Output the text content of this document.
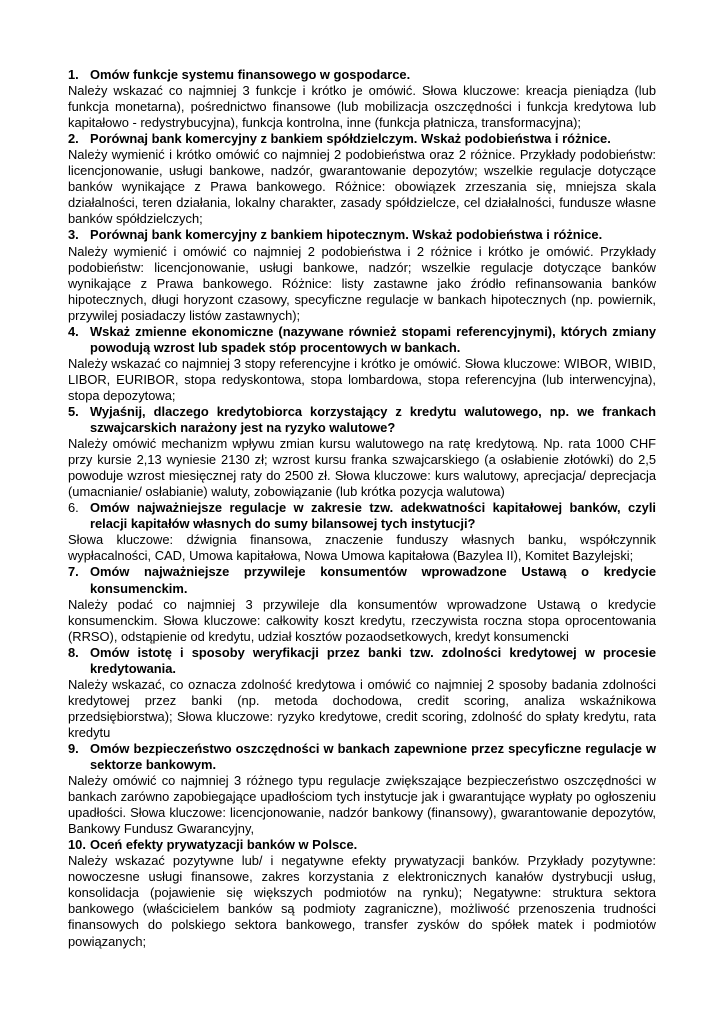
1. Omów funkcje systemu finansowego w gospodarce.

Należy wskazać co najmniej 3 funkcje i krótko je omówić. Słowa kluczowe: kreacja pieniądza (lub funkcja monetarna), pośrednictwo finansowe (lub mobilizacja oszczędności i funkcja kredytowa lub kapitałowo - redystrybucyjna), funkcja kontrolna, inne (funkcja płatnicza, transformacyjna);

2. Porównaj bank komercyjny z bankiem spółdzielczym. Wskaż podobieństwa i różnice.

Należy wymienić i krótko omówić co najmniej 2 podobieństwa oraz 2 różnice. Przykłady podobieństw: licencjonowanie, usługi bankowe, nadzór, gwarantowanie depozytów; wszelkie regulacje dotyczące banków wynikające z Prawa bankowego. Różnice: obowiązek zrzeszania się, mniejsza skala działalności, teren działania, lokalny charakter, zasady spółdzielcze, cel działalności, fundusze własne banków spółdzielczych;

3. Porównaj bank komercyjny z bankiem hipotecznym. Wskaż podobieństwa i różnice.

Należy wymienić i omówić co najmniej 2 podobieństwa i 2 różnice i krótko je omówić. Przykłady podobieństw: licencjonowanie, usługi bankowe, nadzór; wszelkie regulacje dotyczące banków wynikające z Prawa bankowego. Różnice: listy zastawne jako źródło refinansowania banków hipotecznych, długi horyzont czasowy, specyficzne regulacje w bankach hipotecznych (np. powiernik, przywilej posiadaczy listów zastawnych);

4. Wskaż zmienne ekonomiczne (nazywane również stopami referencyjnymi), których zmiany powodują wzrost lub spadek stóp procentowych w bankach.

Należy wskazać co najmniej 3 stopy referencyjne i krótko je omówić. Słowa kluczowe: WIBOR, WIBID, LIBOR, EURIBOR, stopa redyskontowa, stopa lombardowa, stopa referencyjna (lub interwencyjna), stopa depozytowa;

5. Wyjaśnij, dlaczego kredytobiorca korzystający z kredytu walutowego, np. we frankach szwajcarskich narażony jest na ryzyko walutowe?

Należy omówić mechanizm wpływu zmian kursu walutowego na ratę kredytową. Np. rata 1000 CHF przy kursie 2,13 wyniesie 2130 zł; wzrost kursu franka szwajcarskiego (a osłabienie złotówki) do 2,5 powoduje wzrost miesięcznej raty do 2500 zł. Słowa kluczowe: kurs walutowy, aprecjacja/ deprecjacja (umacnianie/ osłabianie) waluty, zobowiązanie (lub krótka pozycja walutowa)

6. Omów najważniejsze regulacje w zakresie tzw. adekwatności kapitałowej banków, czyli relacji kapitałów własnych do sumy bilansowej tych instytucji?

Słowa kluczowe: dźwignia finansowa, znaczenie funduszy własnych banku, współczynnik wypłacalności, CAD, Umowa kapitałowa, Nowa Umowa kapitałowa (Bazylea II), Komitet Bazylejski;

7. Omów najważniejsze przywileje konsumentów wprowadzone Ustawą o kredycie konsumenckim.

Należy podać co najmniej 3 przywileje dla konsumentów wprowadzone Ustawą o kredycie konsumenckim. Słowa kluczowe: całkowity koszt kredytu, rzeczywista roczna stopa oprocentowania (RRSO), odstąpienie od kredytu, udział kosztów pozaodsetkowych, kredyt konsumencki

8. Omów istotę i sposoby weryfikacji przez banki tzw. zdolności kredytowej w procesie kredytowania.

Należy wskazać, co oznacza zdolność kredytowa i omówić co najmniej 2 sposoby badania zdolności kredytowej przez banki (np. metoda dochodowa, credit scoring, analiza wskaźnikowa przedsiębiorstwa); Słowa kluczowe: ryzyko kredytowe, credit scoring, zdolność do spłaty kredytu, rata kredytu

9. Omów bezpieczeństwo oszczędności w bankach zapewnione przez specyficzne regulacje w sektorze bankowym.

Należy omówić co najmniej 3 różnego typu regulacje zwiększające bezpieczeństwo oszczędności w bankach zarówno zapobiegające upadłościom tych instytucje jak i gwarantujące wypłaty po ogłoszeniu upadłości. Słowa kluczowe: licencjonowanie, nadzór bankowy (finansowy), gwarantowanie depozytów, Bankowy Fundusz Gwarancyjny,

10. Oceń efekty prywatyzacji banków w Polsce.

Należy wskazać pozytywne lub/ i negatywne efekty prywatyzacji banków. Przykłady pozytywne: nowoczesne usługi finansowe, zakres korzystania z elektronicznych kanałów dystrybucji usług, konsolidacja (pojawienie się większych podmiotów na rynku); Negatywne: struktura sektora bankowego (właścicielem banków są podmioty zagraniczne), możliwość przenoszenia trudności finansowych do polskiego sektora bankowego, transfer zysków do spółek matek i podmiotów powiązanych;
